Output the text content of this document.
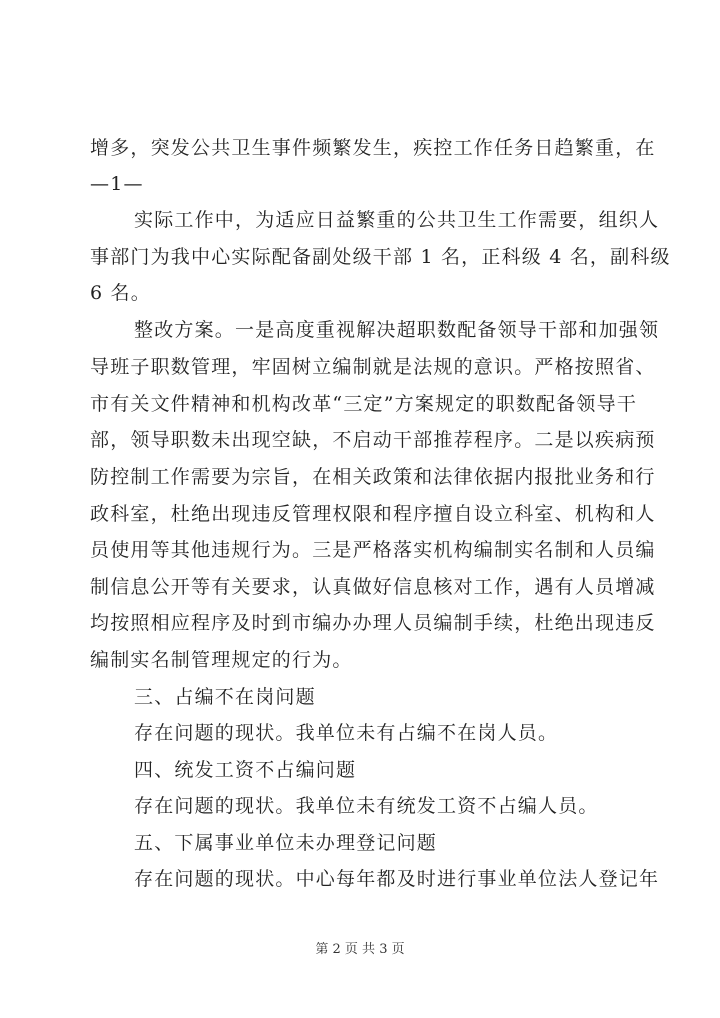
增多，突发公共卫生事件频繁发生，疾控工作任务日趋繁重，在
—1—
实际工作中，为适应日益繁重的公共卫生工作需要，组织人
事部门为我中心实际配备副处级干部 1 名，正科级 4 名，副科级
6 名。
整改方案。一是高度重视解决超职数配备领导干部和加强领
导班子职数管理，牢固树立编制就是法规的意识。严格按照省、
市有关文件精神和机构改革“三定”方案规定的职数配备领导干
部，领导职数未出现空缺，不启动干部推荐程序。二是以疾病预
防控制工作需要为宗旨，在相关政策和法律依据内报批业务和行
政科室，杜绝出现违反管理权限和程序擅自设立科室、机构和人
员使用等其他违规行为。三是严格落实机构编制实名制和人员编
制信息公开等有关要求，认真做好信息核对工作，遇有人员增减
均按照相应程序及时到市编办办理人员编制手续，杜绝出现违反
编制实名制管理规定的行为。
三、占编不在岗问题
存在问题的现状。我单位未有占编不在岗人员。
四、统发工资不占编问题
存在问题的现状。我单位未有统发工资不占编人员。
五、下属事业单位未办理登记问题
存在问题的现状。中心每年都及时进行事业单位法人登记年
第 2 页 共 3 页
